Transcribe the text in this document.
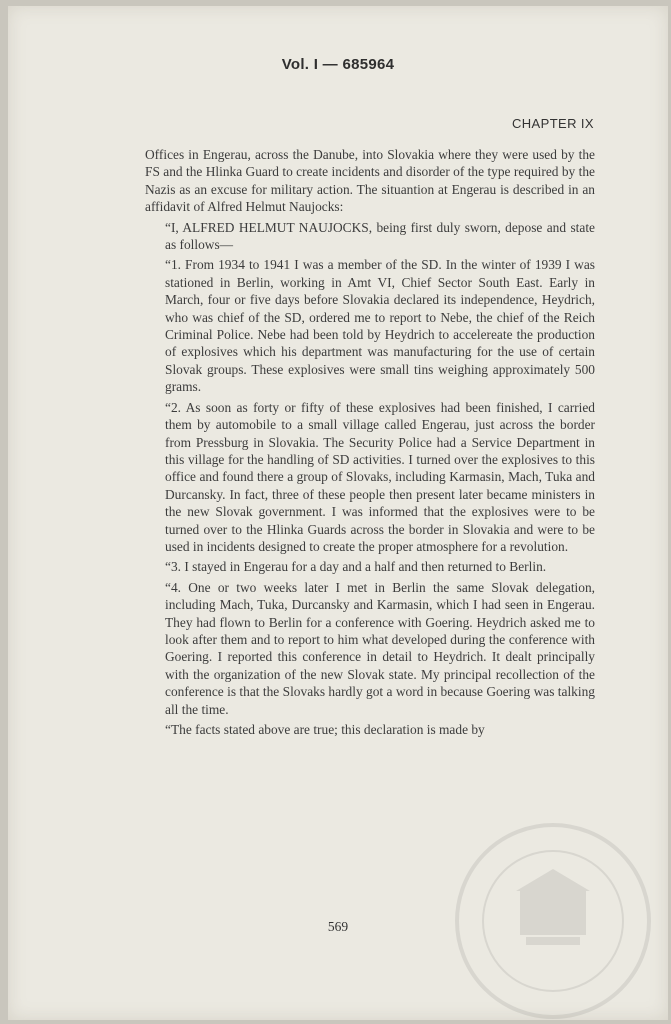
Vol. I — 685964
CHAPTER IX

Offices in Engerau, across the Danube, into Slovakia where they were used by the FS and the Hlinka Guard to create incidents and disorder of the type required by the Nazis as an excuse for military action. The situantion at Engerau is described in an affidavit of Alfred Helmut Naujocks:

“I, ALFRED HELMUT NAUJOCKS, being first duly sworn, depose and state as follows—

“1. From 1934 to 1941 I was a member of the SD. In the winter of 1939 I was stationed in Berlin, working in Amt VI, Chief Sector South East. Early in March, four or five days before Slovakia declared its independence, Heydrich, who was chief of the SD, ordered me to report to Nebe, the chief of the Reich Criminal Police. Nebe had been told by Heydrich to accelereate the production of explosives which his department was manufacturing for the use of certain Slovak groups. These explosives were small tins weighing approximately 500 grams.

“2. As soon as forty or fifty of these explosives had been finished, I carried them by automobile to a small village called Engerau, just across the border from Pressburg in Slovakia. The Security Police had a Service Department in this village for the handling of SD activities. I turned over the explosives to this office and found there a group of Slovaks, including Karmasin, Mach, Tuka and Durcansky. In fact, three of these people then present later became ministers in the new Slovak government. I was informed that the explosives were to be turned over to the Hlinka Guards across the border in Slovakia and were to be used in incidents designed to create the proper atmosphere for a revolution.

“3. I stayed in Engerau for a day and a half and then returned to Berlin.

“4. One or two weeks later I met in Berlin the same Slovak delegation, including Mach, Tuka, Durcansky and Karmasin, which I had seen in Engerau. They had flown to Berlin for a conference with Goering. Heydrich asked me to look after them and to report to him what developed during the conference with Goering. I reported this conference in detail to Heydrich. It dealt principally with the organization of the new Slovak state. My principal recollection of the conference is that the Slovaks hardly got a word in because Goering was talking all the time.

“The facts stated above are true; this declaration is made by

569
